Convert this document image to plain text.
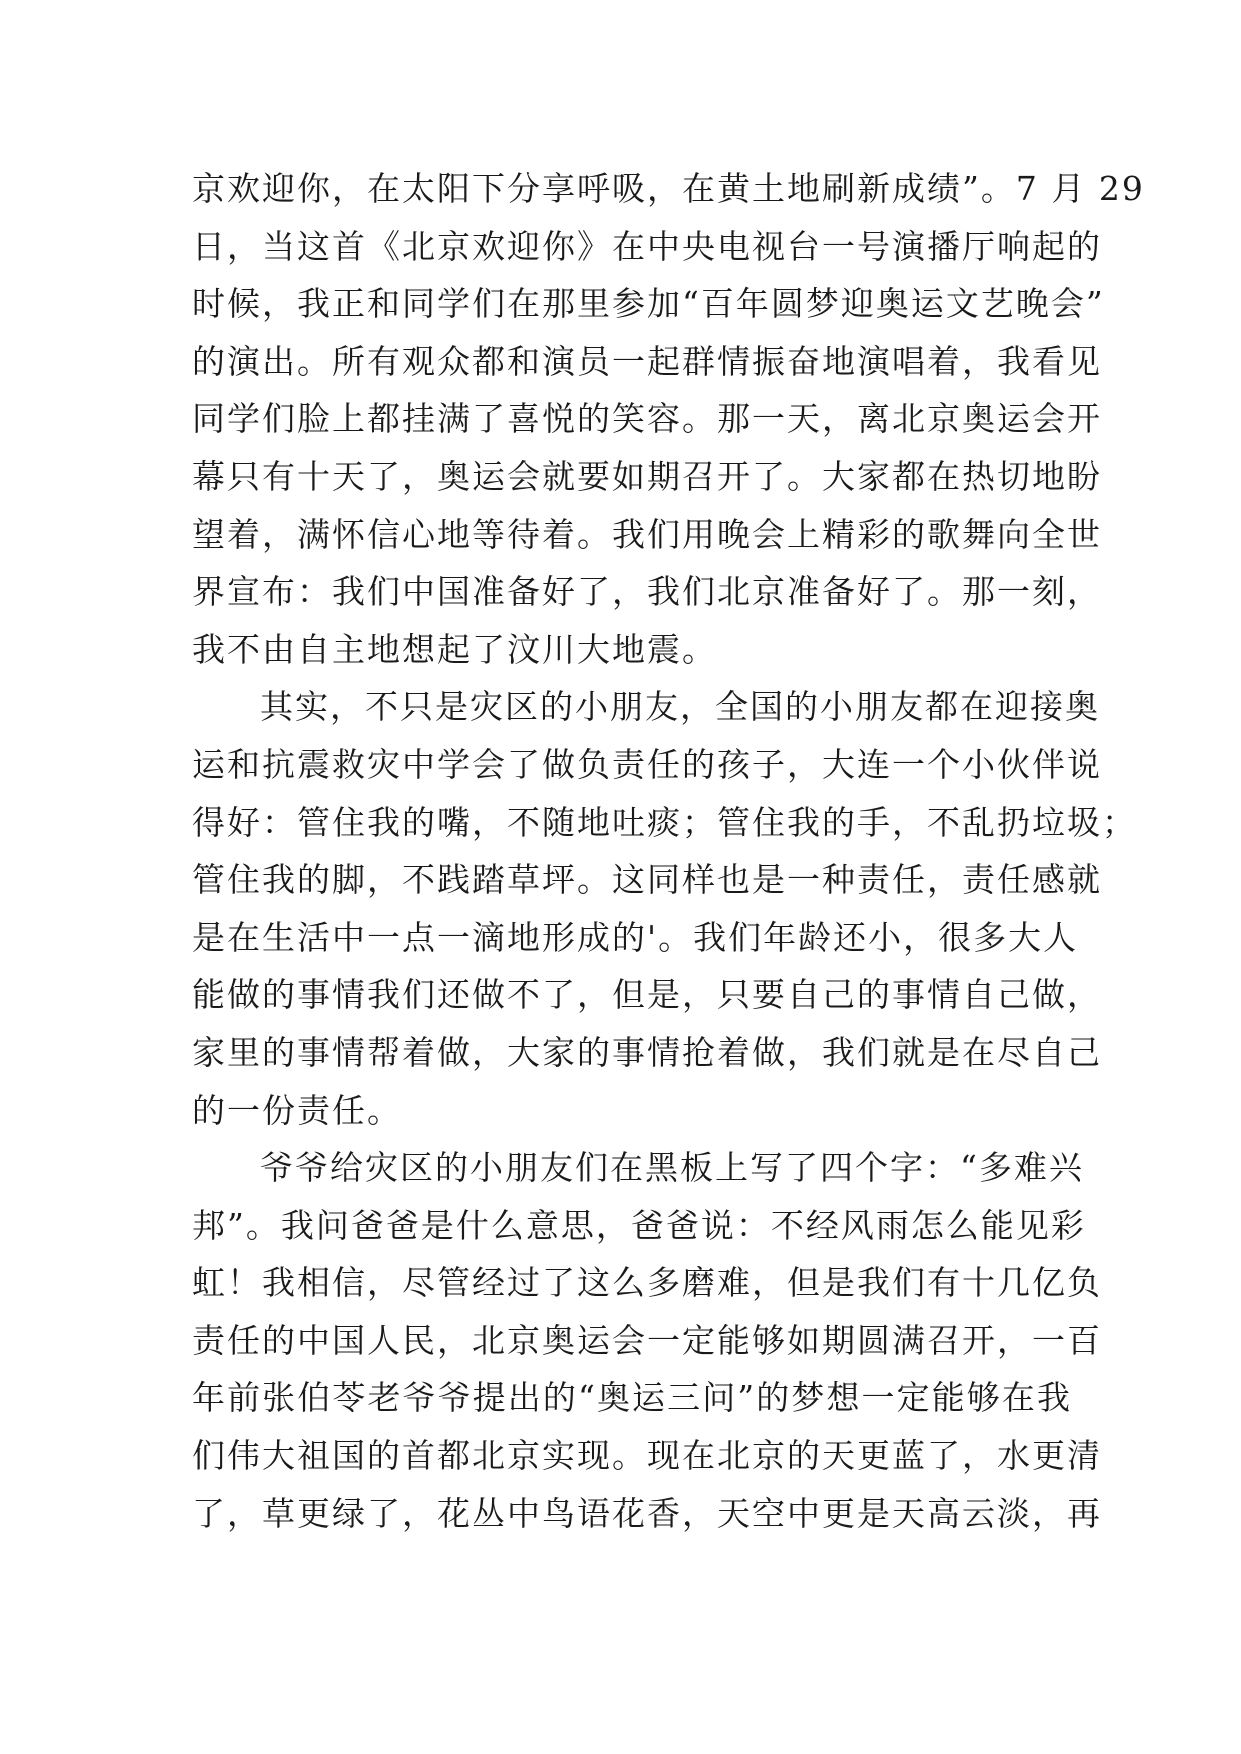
京欢迎你，在太阳下分享呼吸，在黄土地刷新成绩”。7 月 29
日，当这首《北京欢迎你》在中央电视台一号演播厅响起的
时候，我正和同学们在那里参加“百年圆梦迎奥运文艺晚会”
的演出。所有观众都和演员一起群情振奋地演唱着，我看见
同学们脸上都挂满了喜悦的笑容。那一天，离北京奥运会开
幕只有十天了，奥运会就要如期召开了。大家都在热切地盼
望着，满怀信心地等待着。我们用晚会上精彩的歌舞向全世
界宣布：我们中国准备好了，我们北京准备好了。那一刻，
我不由自主地想起了汶川大地震。
其实，不只是灾区的小朋友，全国的小朋友都在迎接奥
运和抗震救灾中学会了做负责任的孩子，大连一个小伙伴说
得好：管住我的嘴，不随地吐痰；管住我的手，不乱扔垃圾；
管住我的脚，不践踏草坪。这同样也是一种责任，责任感就
是在生活中一点一滴地形成的'。我们年龄还小，很多大人
能做的事情我们还做不了，但是，只要自己的事情自己做，
家里的事情帮着做，大家的事情抢着做，我们就是在尽自己
的一份责任。
爷爷给灾区的小朋友们在黑板上写了四个字：“多难兴
邦”。我问爸爸是什么意思，爸爸说：不经风雨怎么能见彩
虹！我相信，尽管经过了这么多磨难，但是我们有十几亿负
责任的中国人民，北京奥运会一定能够如期圆满召开，一百
年前张伯苓老爷爷提出的“奥运三问”的梦想一定能够在我
们伟大祖国的首都北京实现。现在北京的天更蓝了，水更清
了，草更绿了，花丛中鸟语花香，天空中更是天高云淡，再
